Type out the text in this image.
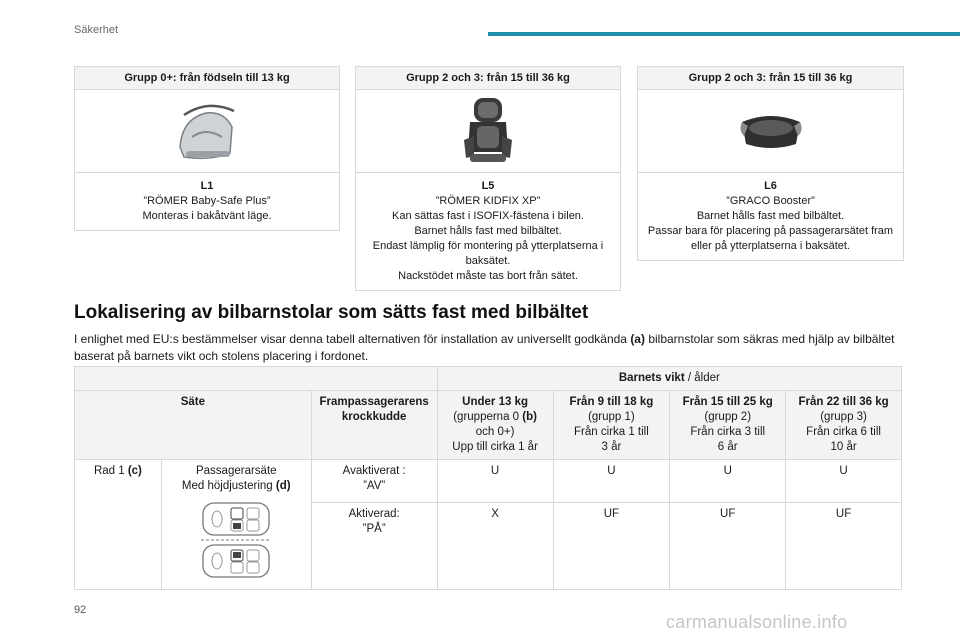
Säkerhet
Grupp 0+: från födseln till 13 kg
L1
”RÖMER Baby-Safe Plus”
Monteras i bakåtvänt läge.
Grupp 2 och 3: från 15 till 36 kg
L5
”RÖMER KIDFIX XP”
Kan sättas fast i ISOFIX-fästena i bilen.
Barnet hålls fast med bilbältet.
Endast lämplig för montering på ytterplatserna i baksätet.
Nackstödet måste tas bort från sätet.
Grupp 2 och 3: från 15 till 36 kg
L6
”GRACO Booster”
Barnet hålls fast med bilbältet.
Passar bara för placering på passagerarsätet fram eller på ytterplatserna i baksätet.
Lokalisering av bilbarnstolar som sätts fast med bilbältet
I enlighet med EU:s bestämmelser visar denna tabell alternativen för installation av universellt godkända (a) bilbarnstolar som säkras med hjälp av bilbältet baserat på barnets vikt och stolens placering i fordonet.
			Barnets vikt / ålder			
Säte		Frampassagerarens krockkudde	Under 13 kg
(grupperna 0 (b)
och 0+)
Upp till cirka 1 år	Från 9 till 18 kg
(grupp 1)
Från cirka 1 till
3 år	Från 15 till 25 kg
(grupp 2)
Från cirka 3 till
6 år	Från 22 till 36 kg
(grupp 3)
Från cirka 6 till
10 år
Rad 1 (c)	Passagerarsäte
Med höjdjustering (d)	Avaktiverat :
”AV”	U	U	U	U
		Aktiverad:
”PÅ”	X	UF	UF	UF
92
carmanualsonline.info
